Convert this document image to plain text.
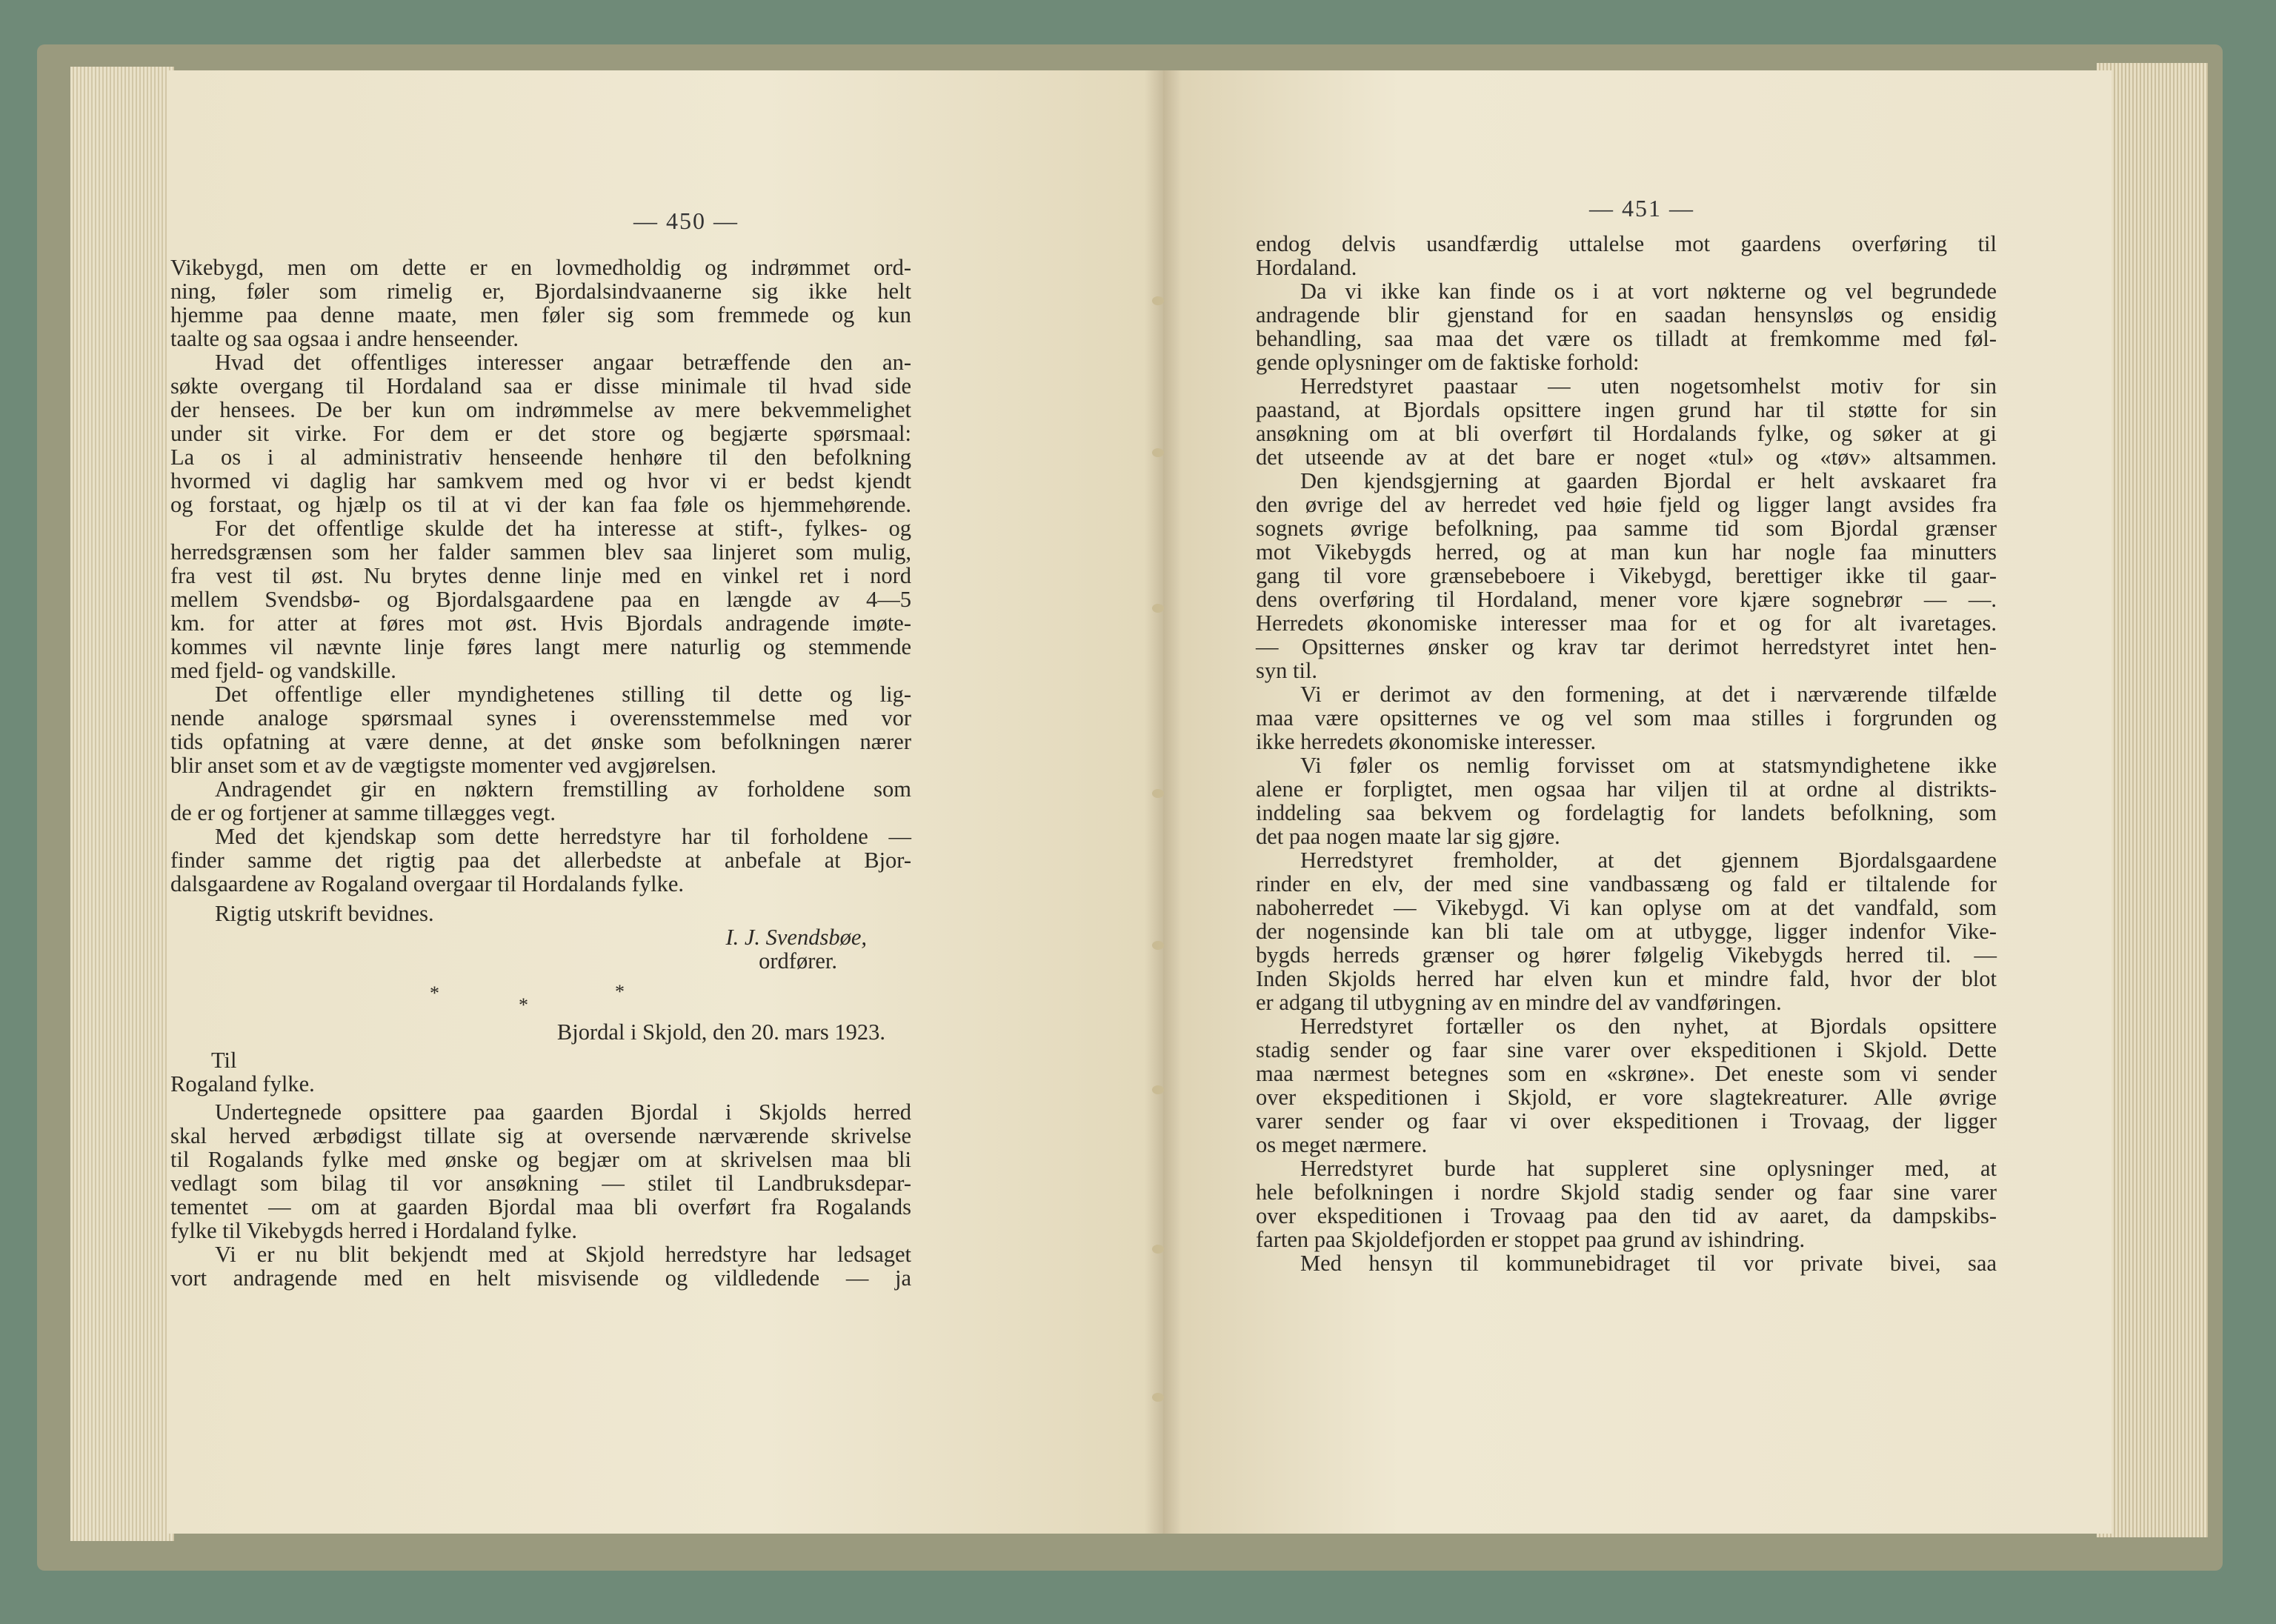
— 450 —

Vikebygd, men om dette er en lovmedholdig og indrømmet ord-

ning, føler som rimelig er, Bjordalsindvaanerne sig ikke helt

hjemme paa denne maate, men føler sig som fremmede og kun

taalte og saa ogsaa i andre henseender.

Hvad det offentliges interesser angaar betræffende den an-

søkte overgang til Hordaland saa er disse minimale til hvad side

der hensees. De ber kun om indrømmelse av mere bekvemmelighet

under sit virke. For dem er det store og begjærte spørsmaal:

La os i al administrativ henseende henhøre til den befolkning

hvormed vi daglig har samkvem med og hvor vi er bedst kjendt

og forstaat, og hjælp os til at vi der kan faa føle os hjemmehørende.

For det offentlige skulde det ha interesse at stift-, fylkes- og

herredsgrænsen som her falder sammen blev saa linjeret som mulig,

fra vest til øst. Nu brytes denne linje med en vinkel ret i nord

mellem Svendsbø- og Bjordalsgaardene paa en længde av 4—5

km. for atter at føres mot øst. Hvis Bjordals andragende imøte-

kommes vil nævnte linje føres langt mere naturlig og stemmende

med fjeld- og vandskille.

Det offentlige eller myndighetenes stilling til dette og lig-

nende analoge spørsmaal synes i overensstemmelse med vor

tids opfatning at være denne, at det ønske som befolkningen nærer

blir anset som et av de vægtigste momenter ved avgjørelsen.

Andragendet gir en nøktern fremstilling av forholdene som

de er og fortjener at samme tillægges vegt.

Med det kjendskap som dette herredstyre har til forholdene —

finder samme det rigtig paa det allerbedste at anbefale at Bjor-

dalsgaardene av Rogaland overgaar til Hordalands fylke.

Rigtig utskrift bevidnes.

I. J. Svendsbøe,

ordfører.

*
*
*

Bjordal i Skjold, den 20. mars 1923.

Til

Rogaland fylke.

Undertegnede opsittere paa gaarden Bjordal i Skjolds herred

skal herved ærbødigst tillate sig at oversende nærværende skrivelse

til Rogalands fylke med ønske og begjær om at skrivelsen maa bli

vedlagt som bilag til vor ansøkning — stilet til Landbruksdepar-

tementet — om at gaarden Bjordal maa bli overført fra Rogalands

fylke til Vikebygds herred i Hordaland fylke.

Vi er nu blit bekjendt med at Skjold herredstyre har ledsaget

vort andragende med en helt misvisende og vildledende — ja

— 451 —

endog delvis usandfærdig uttalelse mot gaardens overføring til

Hordaland.

Da vi ikke kan finde os i at vort nøkterne og vel begrundede

andragende blir gjenstand for en saadan hensynsløs og ensidig

behandling, saa maa det være os tilladt at fremkomme med føl-

gende oplysninger om de faktiske forhold:

Herredstyret paastaar — uten nogetsomhelst motiv for sin

paastand, at Bjordals opsittere ingen grund har til støtte for sin

ansøkning om at bli overført til Hordalands fylke, og søker at gi

det utseende av at det bare er noget «tul» og «tøv» altsammen.

Den kjendsgjerning at gaarden Bjordal er helt avskaaret fra

den øvrige del av herredet ved høie fjeld og ligger langt avsides fra

sognets øvrige befolkning, paa samme tid som Bjordal grænser

mot Vikebygds herred, og at man kun har nogle faa minutters

gang til vore grænsebeboere i Vikebygd, berettiger ikke til gaar-

dens overføring til Hordaland, mener vore kjære sognebrør — —.

Herredets økonomiske interesser maa for et og for alt ivaretages.

— Opsitternes ønsker og krav tar derimot herredstyret intet hen-

syn til.

Vi er derimot av den formening, at det i nærværende tilfælde

maa være opsitternes ve og vel som maa stilles i forgrunden og

ikke herredets økonomiske interesser.

Vi føler os nemlig forvisset om at statsmyndighetene ikke

alene er forpligtet, men ogsaa har viljen til at ordne al distrikts-

inddeling saa bekvem og fordelagtig for landets befolkning, som

det paa nogen maate lar sig gjøre.

Herredstyret fremholder, at det gjennem Bjordalsgaardene

rinder en elv, der med sine vandbassæng og fald er tiltalende for

naboherredet — Vikebygd. Vi kan oplyse om at det vandfald, som

der nogensinde kan bli tale om at utbygge, ligger indenfor Vike-

bygds herreds grænser og hører følgelig Vikebygds herred til. —

Inden Skjolds herred har elven kun et mindre fald, hvor der blot

er adgang til utbygning av en mindre del av vandføringen.

Herredstyret fortæller os den nyhet, at Bjordals opsittere

stadig sender og faar sine varer over ekspeditionen i Skjold. Dette

maa nærmest betegnes som en «skrøne». Det eneste som vi sender

over ekspeditionen i Skjold, er vore slagtekreaturer. Alle øvrige

varer sender og faar vi over ekspeditionen i Trovaag, der ligger

os meget nærmere.

Herredstyret burde hat suppleret sine oplysninger med, at

hele befolkningen i nordre Skjold stadig sender og faar sine varer

over ekspeditionen i Trovaag paa den tid av aaret, da dampskibs-

farten paa Skjoldefjorden er stoppet paa grund av ishindring.

Med hensyn til kommunebidraget til vor private bivei, saa
